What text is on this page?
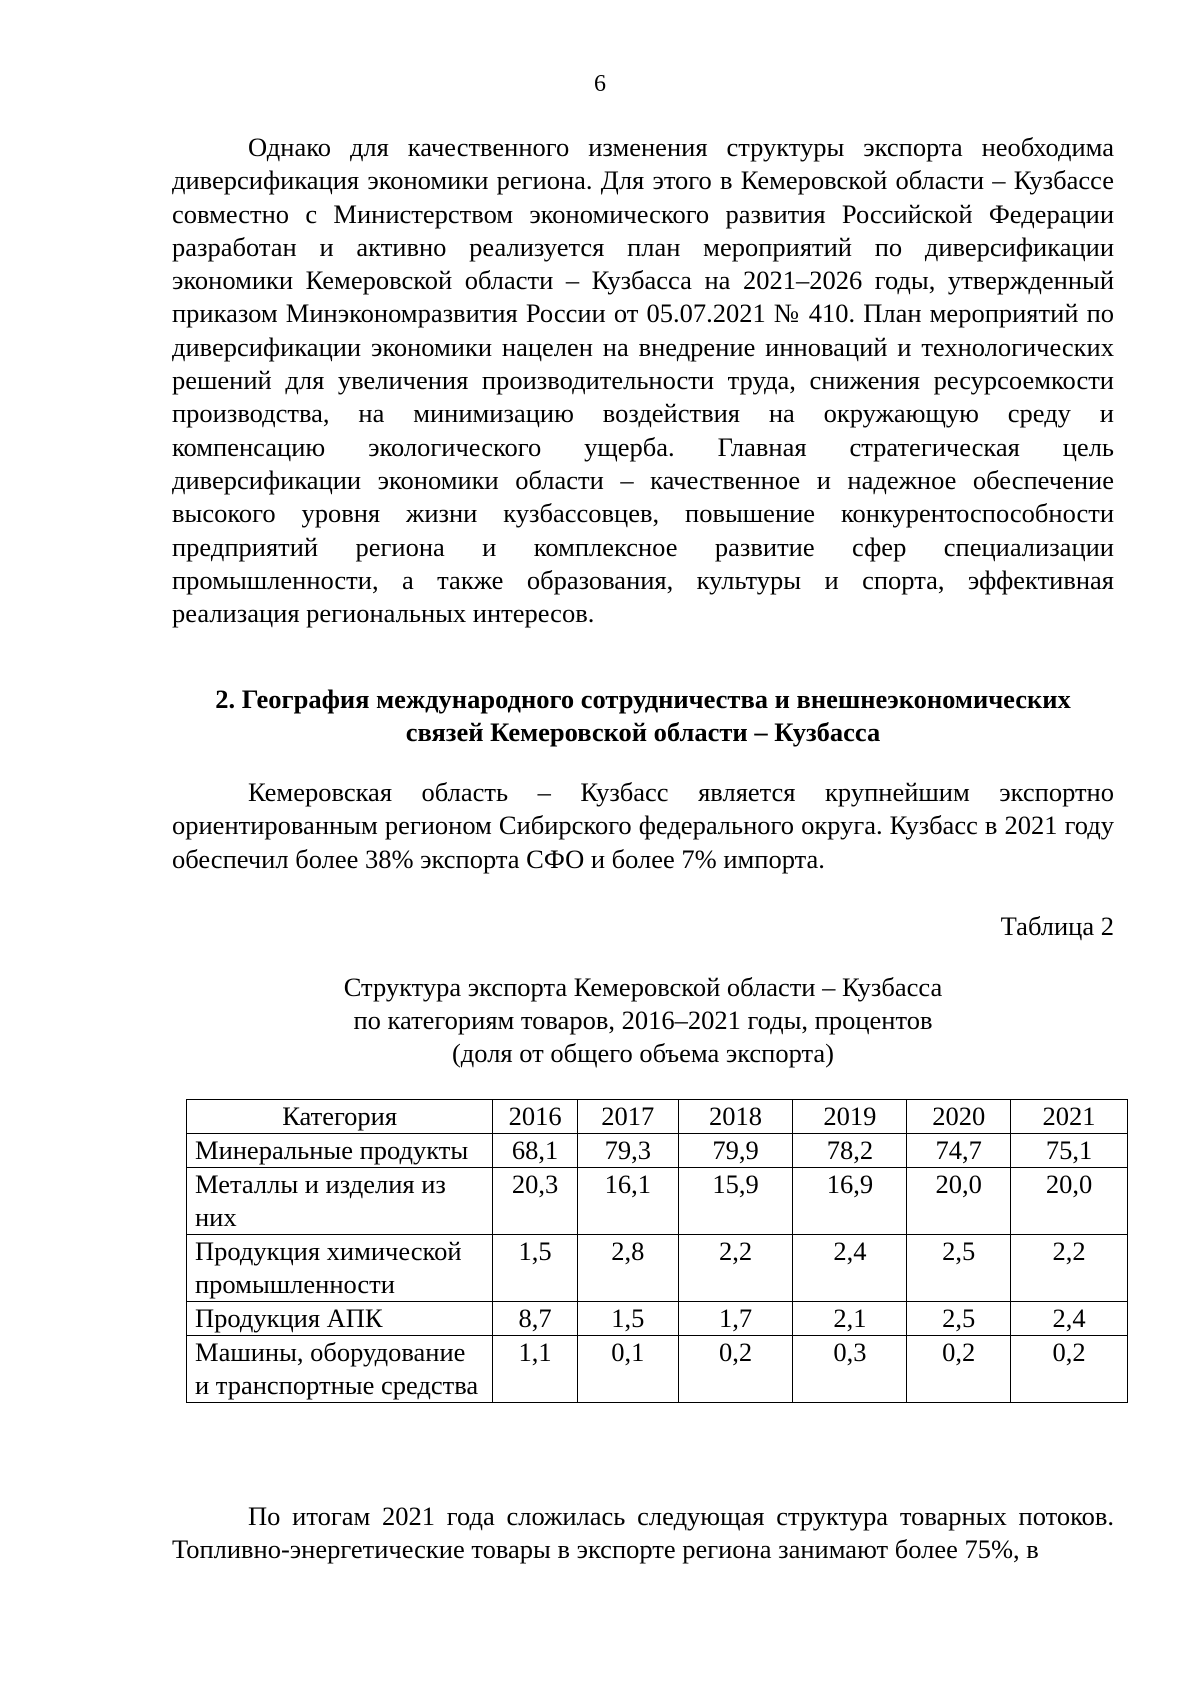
6

Однако для качественного изменения структуры экспорта необходима диверсификация экономики региона. Для этого в Кемеровской области – Кузбассе совместно с Министерством экономического развития Российской Федерации разработан и активно реализуется план мероприятий по диверсификации экономики Кемеровской области – Кузбасса на 2021–2026 годы, утвержденный приказом Минэкономразвития России от 05.07.2021 № 410. План мероприятий по диверсификации экономики нацелен на внедрение инноваций и технологических решений для увеличения производительности труда, снижения ресурсоемкости производства, на минимизацию воздействия на окружающую среду и компенсацию экологического ущерба. Главная стратегическая цель диверсификации экономики области – качественное и надежное обеспечение высокого уровня жизни кузбассовцев, повышение конкурентоспособности предприятий региона и комплексное развитие сфер специализации промышленности, а также образования, культуры и спорта, эффективная реализация региональных интересов.

2. География международного сотрудничества и внешнеэкономических
связей Кемеровской области – Кузбасса

Кемеровская область – Кузбасс является крупнейшим экспортно ориентированным регионом Сибирского федерального округа. Кузбасс в 2021 году обеспечил более 38% экспорта СФО и более 7% импорта.

Таблица 2
Структура экспорта Кемеровской области – Кузбасса
по категориям товаров, 2016–2021 годы, процентов
(доля от общего объема экспорта)
Категория	2016	2017	2018	2019	2020	2021
Минеральные продукты	68,1	79,3	79,9	78,2	74,7	75,1
Металлы и изделия из них	20,3	16,1	15,9	16,9	20,0	20,0
Продукция химической промышленности	1,5	2,8	2,2	2,4	2,5	2,2
Продукция АПК	8,7	1,5	1,7	2,1	2,5	2,4
Машины, оборудование и транспортные средства	1,1	0,1	0,2	0,3	0,2	0,2

По итогам 2021 года сложилась следующая структура товарных потоков. Топливно-энергетические товары в экспорте региона занимают более 75%, в
